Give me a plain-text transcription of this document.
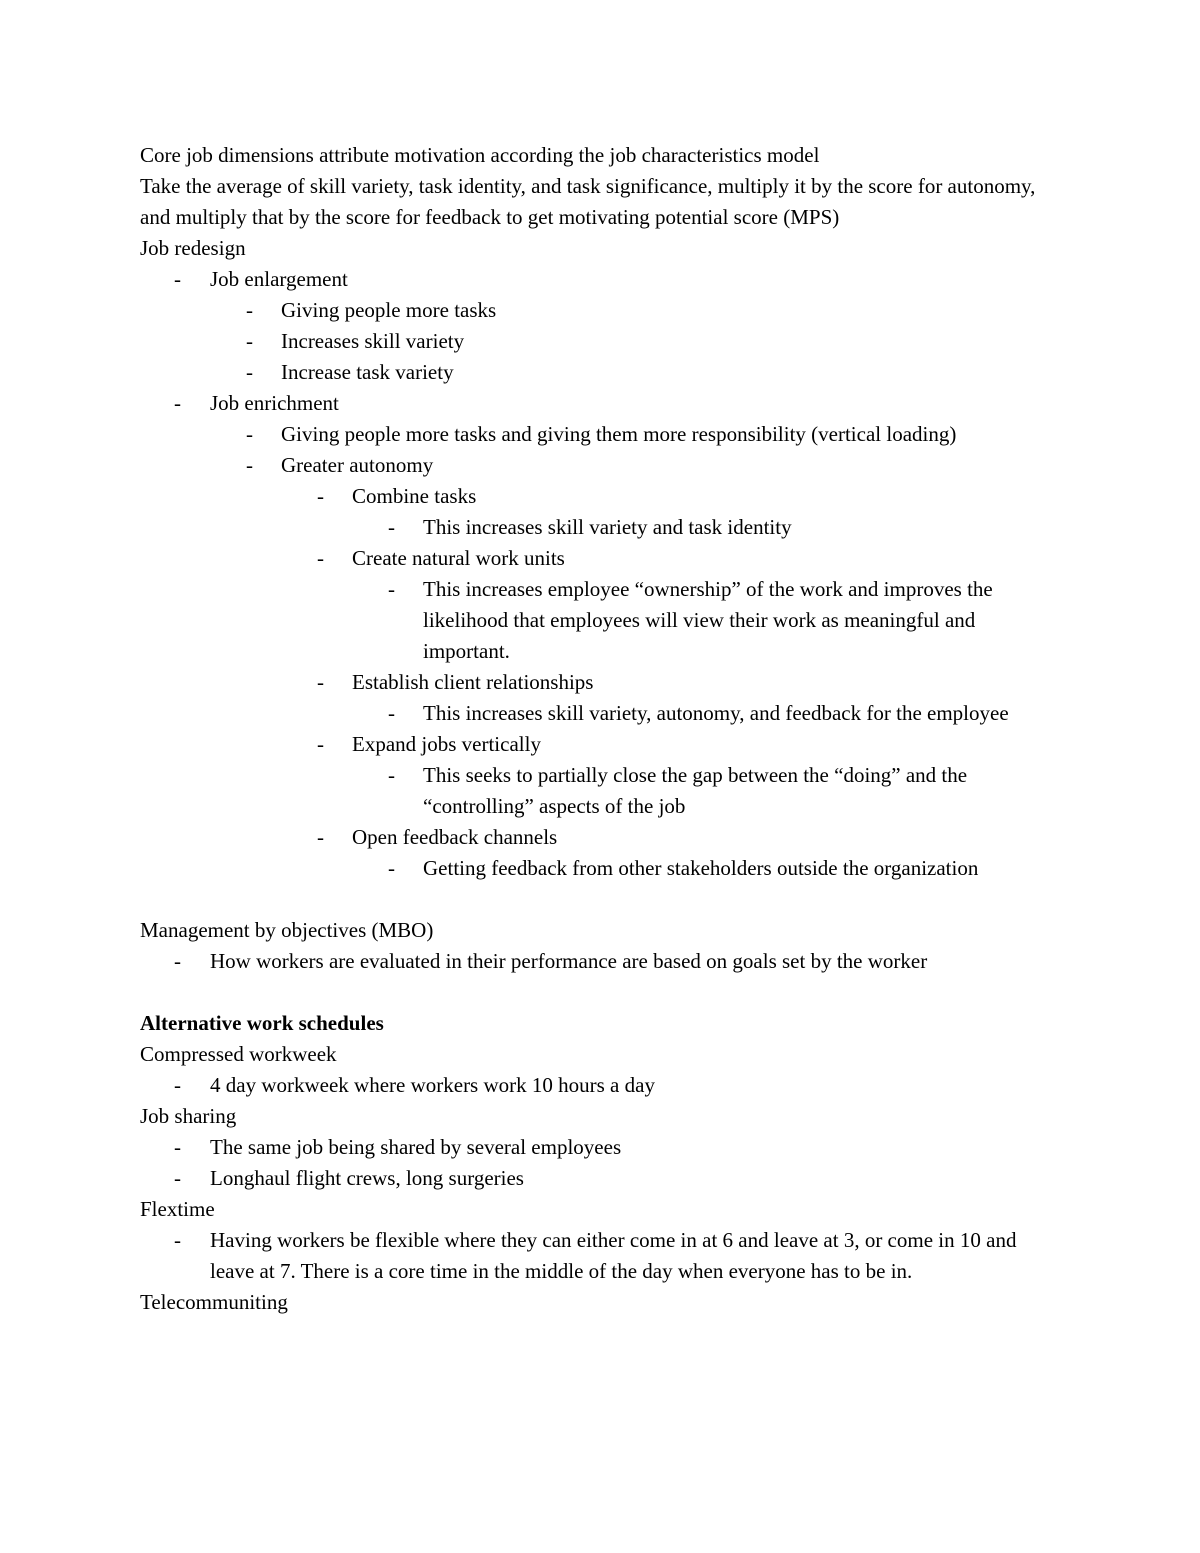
Core job dimensions attribute motivation according the job characteristics model
Take the average of skill variety, task identity, and task significance, multiply it by the score for autonomy, and multiply that by the score for feedback to get motivating potential score (MPS)
Job redesign
- Job enlargement
- Giving people more tasks
- Increases skill variety
- Increase task variety
- Job enrichment
- Giving people more tasks and giving them more responsibility (vertical loading)
- Greater autonomy
- Combine tasks
- This increases skill variety and task identity
- Create natural work units
- This increases employee “ownership” of the work and improves the likelihood that employees will view their work as meaningful and important.
- Establish client relationships
- This increases skill variety, autonomy, and feedback for the employee
- Expand jobs vertically
- This seeks to partially close the gap between the “doing” and the “controlling” aspects of the job
- Open feedback channels
- Getting feedback from other stakeholders outside the organization
Management by objectives (MBO)
- How workers are evaluated in their performance are based on goals set by the worker
Alternative work schedules
Compressed workweek
- 4 day workweek where workers work 10 hours a day
Job sharing
- The same job being shared by several employees
- Longhaul flight crews, long surgeries
Flextime
- Having workers be flexible where they can either come in at 6 and leave at 3, or come in 10 and leave at 7. There is a core time in the middle of the day when everyone has to be in.
Telecommuniting
